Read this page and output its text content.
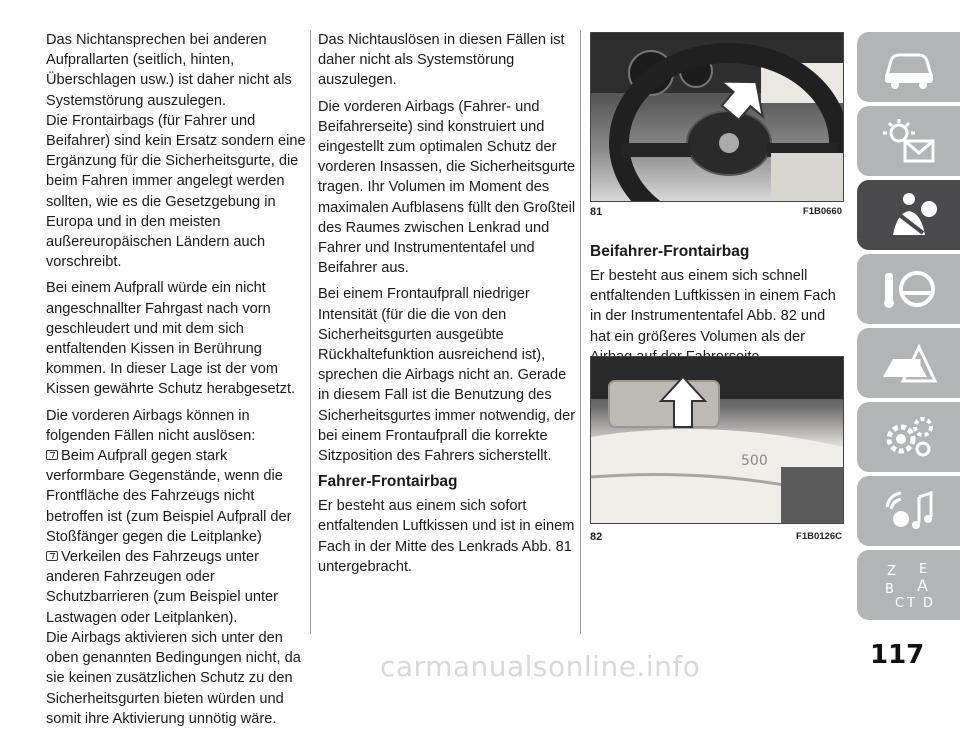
Das Nichtansprechen bei anderen Aufprallarten (seitlich, hinten, Überschlagen usw.) ist daher nicht als Systemstörung auszulegen.

Die Frontairbags (für Fahrer und Beifahrer) sind kein Ersatz sondern eine Ergänzung für die Sicherheitsgurte, die beim Fahren immer angelegt werden sollten, wie es die Gesetzgebung in Europa und in den meisten außereuropäischen Ländern auch vorschreibt.

Bei einem Aufprall würde ein nicht angeschnallter Fahrgast nach vorn geschleudert und mit dem sich entfaltenden Kissen in Berührung kommen. In dieser Lage ist der vom Kissen gewährte Schutz herabgesetzt.

Die vorderen Airbags können in folgenden Fällen nicht auslösen:

Beim Aufprall gegen stark verformbare Gegenstände, wenn die Frontfläche des Fahrzeugs nicht betroffen ist (zum Beispiel Aufprall der Stoßfänger gegen die Leitplanke)
Verkeilen des Fahrzeugs unter anderen Fahrzeugen oder Schutzbarrieren (zum Beispiel unter Lastwagen oder Leitplanken).

Die Airbags aktivieren sich unter den oben genannten Bedingungen nicht, da sie keinen zusätzlichen Schutz zu den Sicherheitsgurten bieten würden und somit ihre Aktivierung unnötig wäre.

Das Nichtauslösen in diesen Fällen ist daher nicht als Systemstörung auszulegen.

Die vorderen Airbags (Fahrer- und Beifahrerseite) sind konstruiert und eingestellt zum optimalen Schutz der vorderen Insassen, die Sicherheitsgurte tragen. Ihr Volumen im Moment des maximalen Aufblasens füllt den Großteil des Raumes zwischen Lenkrad und Fahrer und Instrumententafel und Beifahrer aus.

Bei einem Frontaufprall niedriger Intensität (für die die von den Sicherheitsgurten ausgeübte Rückhaltefunktion ausreichend ist), sprechen die Airbags nicht an. Gerade in diesem Fall ist die Benutzung des Sicherheitsgurtes immer notwendig, der bei einem Frontaufprall die korrekte Sitzposition des Fahrers sicherstellt.

Fahrer-Frontairbag

Er besteht aus einem sich sofort entfaltenden Luftkissen und ist in einem Fach in der Mitte des Lenkrads Abb. 81 untergebracht.

81	F1B0660
Beifahrer-Frontairbag

Er besteht aus einem sich schnell entfaltenden Luftkissen in einem Fach in der Instrumententafel Abb. 82 und hat ein größeres Volumen als der

500
82	F1B0126C
Z E
B A
C T D
carmanualsonline.info	117
